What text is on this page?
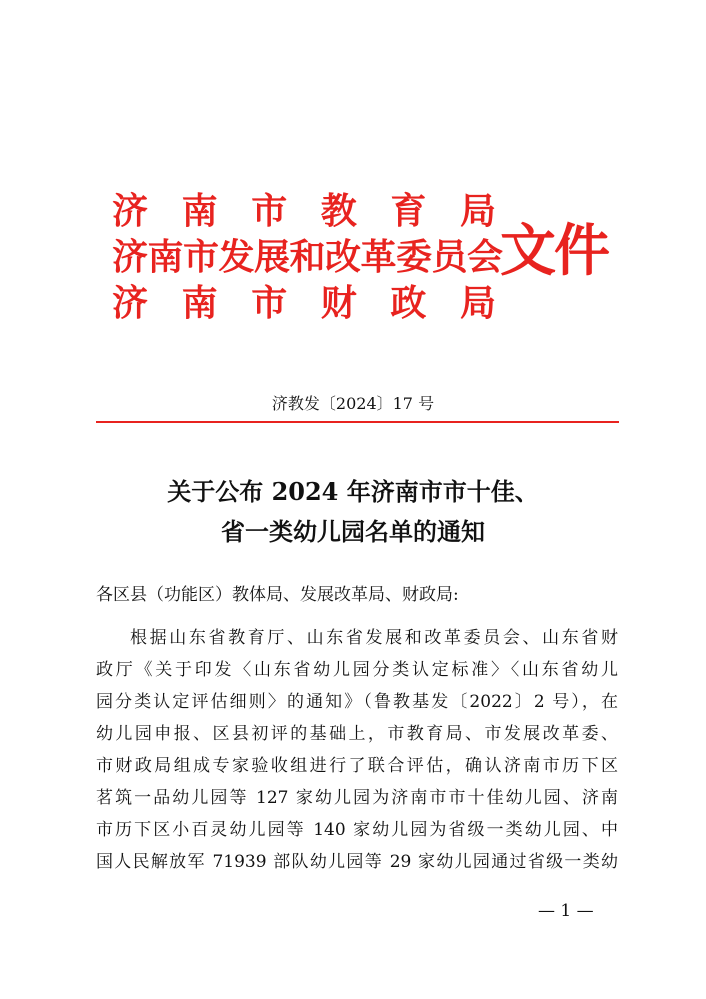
济 南 市 教 育 局
济南市发展和改革委员会
济 南 市 财 政 局
文件
济教发〔2024〕17 号
关于公布 2024 年济南市市十佳、
省一类幼儿园名单的通知
各区县（功能区）教体局、发展改革局、财政局:
根据山东省教育厅、山东省发展和改革委员会、山东省财
政厅《关于印发〈山东省幼儿园分类认定标准〉〈山东省幼儿
园分类认定评估细则〉的通知》（鲁教基发〔2022〕2 号），在
幼儿园申报、区县初评的基础上，市教育局、市发展改革委、
市财政局组成专家验收组进行了联合评估，确认济南市历下区
茗筑一品幼儿园等 127 家幼儿园为济南市市十佳幼儿园、济南
市历下区小百灵幼儿园等 140 家幼儿园为省级一类幼儿园、中
国人民解放军 71939 部队幼儿园等 29 家幼儿园通过省级一类幼
— 1 —
